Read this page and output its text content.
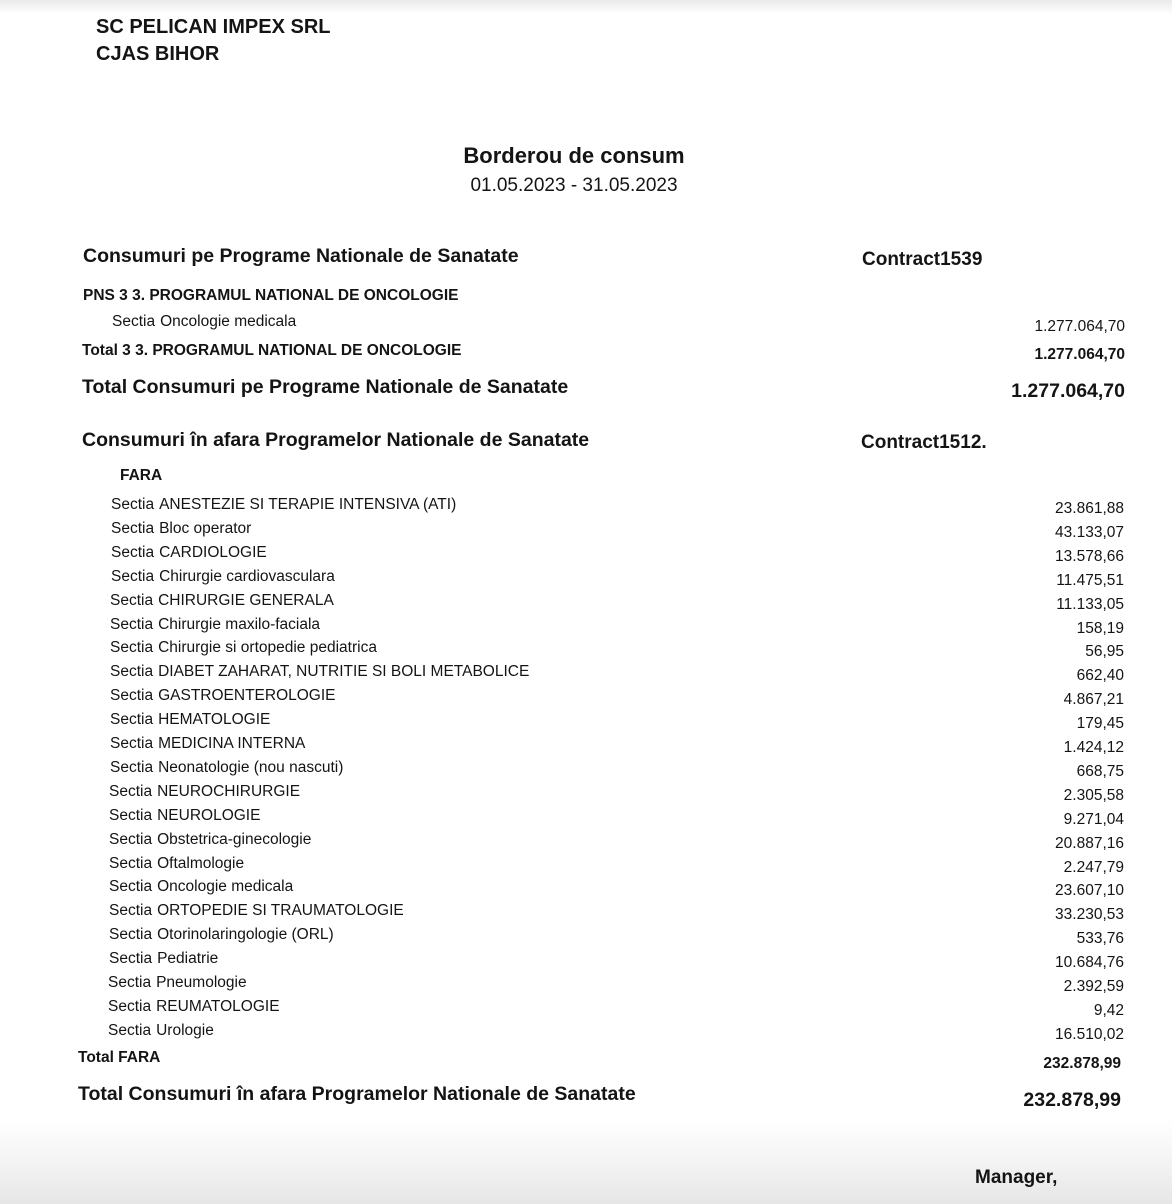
SC PELICAN IMPEX SRL
CJAS BIHOR
Borderou de consum
01.05.2023 - 31.05.2023
Consumuri pe Programe Nationale de Sanatate	Contract1539
PNS 3 3. PROGRAMUL NATIONAL DE ONCOLOGIE
Sectia Oncologie medicala	1.277.064,70
Total 3 3. PROGRAMUL NATIONAL DE ONCOLOGIE	1.277.064,70
Total Consumuri pe Programe Nationale de Sanatate	1.277.064,70
Consumuri în afara Programelor Nationale de Sanatate	Contract1512.
FARA
Sectia ANESTEZIE SI TERAPIE INTENSIVA (ATI)	23.861,88
Sectia Bloc operator	43.133,07
Sectia CARDIOLOGIE	13.578,66
Sectia Chirurgie cardiovasculara	11.475,51
Sectia CHIRURGIE GENERALA	11.133,05
Sectia Chirurgie maxilo-faciala	158,19
Sectia Chirurgie si ortopedie pediatrica	56,95
Sectia DIABET ZAHARAT, NUTRITIE SI BOLI METABOLICE	662,40
Sectia GASTROENTEROLOGIE	4.867,21
Sectia HEMATOLOGIE	179,45
Sectia MEDICINA INTERNA	1.424,12
Sectia Neonatologie (nou nascuti)	668,75
Sectia NEUROCHIRURGIE	2.305,58
Sectia NEUROLOGIE	9.271,04
Sectia Obstetrica-ginecologie	20.887,16
Sectia Oftalmologie	2.247,79
Sectia Oncologie medicala	23.607,10
Sectia ORTOPEDIE SI TRAUMATOLOGIE	33.230,53
Sectia Otorinolaringologie (ORL)	533,76
Sectia Pediatrie	10.684,76
Sectia Pneumologie	2.392,59
Sectia REUMATOLOGIE	9,42
Sectia Urologie	16.510,02
Total FARA	232.878,99
Total Consumuri în afara Programelor Nationale de Sanatate	232.878,99
Manager,
